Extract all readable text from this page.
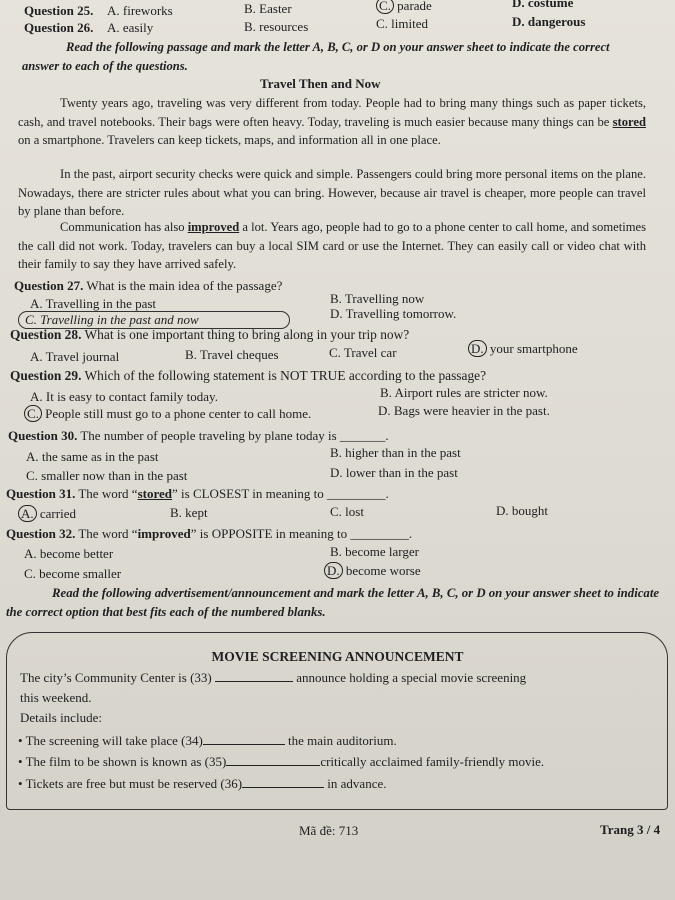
Question 25. A. fireworks	B. Easter	C. parade	D. costume
Question 26. A. easily	B. resources	C. limited	D. dangerous
Read the following passage and mark the letter A, B, C, or D on your answer sheet to indicate the correct answer to each of the questions.
Travel Then and Now
Twenty years ago, traveling was very different from today. People had to bring many things such as paper tickets, cash, and travel notebooks. Their bags were often heavy. Today, traveling is much easier because many things can be stored on a smartphone. Travelers can keep tickets, maps, and information all in one place.
In the past, airport security checks were quick and simple. Passengers could bring more personal items on the plane. Nowadays, there are stricter rules about what you can bring. However, because air travel is cheaper, more people can travel by plane than before.
Communication has also improved a lot. Years ago, people had to go to a phone center to call home, and sometimes the call did not work. Today, travelers can buy a local SIM card or use the Internet. They can easily call or video chat with their family to say they have arrived safely.
Question 27. What is the main idea of the passage?
A. Travelling in the past	B. Travelling now
C. Travelling in the past and now	D. Travelling tomorrow.
Question 28. What is one important thing to bring along in your trip now?
A. Travel journal	B. Travel cheques	C. Travel car	D. your smartphone
Question 29. Which of the following statement is NOT TRUE according to the passage?
A. It is easy to contact family today.	B. Airport rules are stricter now.
C. People still must go to a phone center to call home.	D. Bags were heavier in the past.
Question 30. The number of people traveling by plane today is _______.
A. the same as in the past	B. higher than in the past
C. smaller now than in the past	D. lower than in the past
Question 31. The word “stored” is CLOSEST in meaning to _________.
A. carried	B. kept	C. lost	D. bought
Question 32. The word “improved” is OPPOSITE in meaning to _________.
A. become better	B. become larger
C. become smaller	D. become worse
Read the following advertisement/announcement and mark the letter A, B, C, or D on your answer sheet to indicate the correct option that best fits each of the numbered blanks.
MOVIE SCREENING ANNOUNCEMENT
The city’s Community Center is (33)	announce holding a special movie screening
this weekend.
Details include:
• The screening will take place (34)	the main auditorium.
• The film to be shown is known as (35)	critically acclaimed family-friendly movie.
• Tickets are free but must be reserved (36)	in advance.
Mã đề: 713	Trang 3 / 4
